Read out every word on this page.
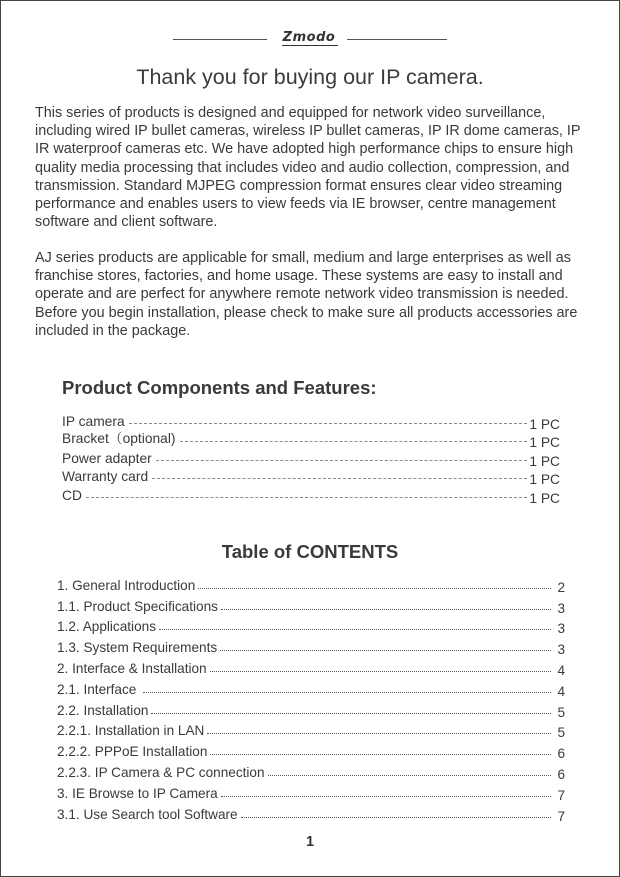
Zmodo
Thank you for buying our IP camera.

This series of products is designed and equipped for network video surveillance, including wired IP bullet cameras, wireless IP bullet cameras, IP IR dome cameras, IP IR waterproof cameras etc. We have adopted high performance chips to ensure high quality media processing that includes video and audio collection, compression, and transmission. Standard MJPEG compression format ensures clear video streaming performance and enables users to view feeds via IE browser, centre management software and client software.

AJ series products are applicable for small, medium and large enterprises as well as franchise stores, factories, and home usage. These systems are easy to install and operate and are perfect for anywhere remote network video transmission is needed. Before you begin installation, please check to make sure all products accessories are included in the package.

Product Components and Features:
IP camera	1 PC
Bracket（optional)	1 PC
Power adapter	1 PC
Warranty card	1 PC
CD	1 PC
Table of CONTENTS
1. General Introduction	2
1.1. Product Specifications	3
1.2. Applications	3
1.3. System Requirements	3
2. Interface & Installation	4
2.1. Interface	4
2.2. Installation	5
2.2.1. Installation in LAN	5
2.2.2. PPPoE Installation	6
2.2.3. IP Camera & PC connection	6
3. IE Browse to IP Camera	7
3.1. Use Search tool Software	7
1
